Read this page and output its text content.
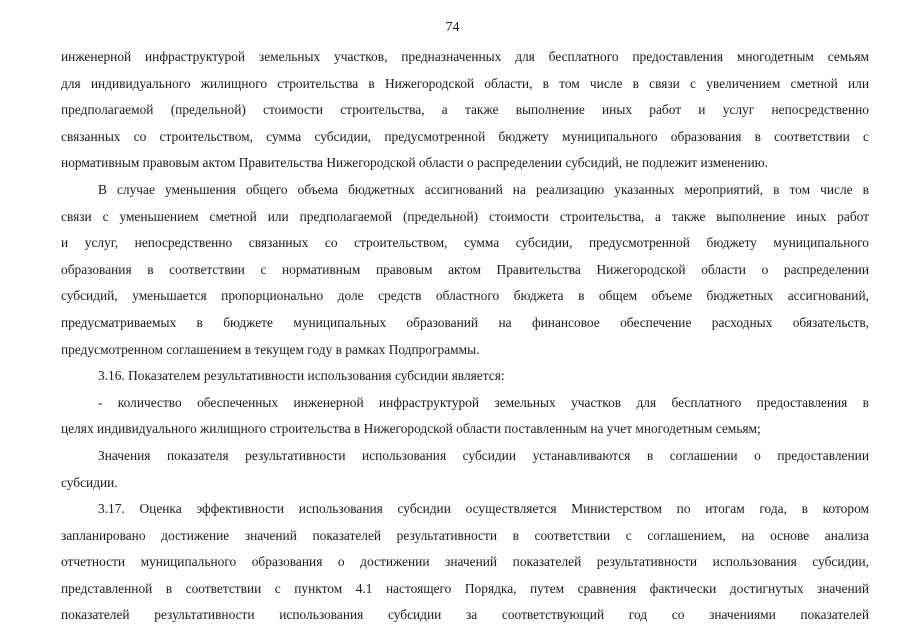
74
инженерной инфраструктурой земельных участков, предназначенных для бесплатного предоставления многодетным семьям
для индивидуального жилищного строительства в Нижегородской области, в том числе в связи с увеличением сметной или
предполагаемой (предельной) стоимости строительства, а также выполнение иных работ и услуг непосредственно
связанных со строительством, сумма субсидии, предусмотренной бюджету муниципального образования в соответствии с
нормативным правовым актом Правительства Нижегородской области о распределении субсидий, не подлежит изменению.
В случае уменьшения общего объема бюджетных ассигнований на реализацию указанных мероприятий, в том числе в
связи с уменьшением сметной или предполагаемой (предельной) стоимости строительства, а также выполнение иных работ
и услуг, непосредственно связанных со строительством, сумма субсидии, предусмотренной бюджету муниципального
образования в соответствии с нормативным правовым актом Правительства Нижегородской области о распределении
субсидий, уменьшается пропорционально доле средств областного бюджета в общем объеме бюджетных ассигнований,
предусматриваемых в бюджете муниципальных образований на финансовое обеспечение расходных обязательств,
предусмотренном соглашением в текущем году в рамках Подпрограммы.
3.16. Показателем результативности использования субсидии является:
- количество обеспеченных инженерной инфраструктурой земельных участков для бесплатного предоставления в
целях индивидуального жилищного строительства в Нижегородской области поставленным на учет многодетным семьям;
Значения показателя результативности использования субсидии устанавливаются в соглашении о предоставлении
субсидии.
3.17. Оценка эффективности использования субсидии осуществляется Министерством по итогам года, в котором
запланировано достижение значений показателей результативности в соответствии с соглашением, на основе анализа
отчетности муниципального образования о достижении значений показателей результативности использования субсидии,
представленной в соответствии с пунктом 4.1 настоящего Порядка, путем сравнения фактически достигнутых значений
показателей результативности использования субсидии за соответствующий год со значениями показателей
